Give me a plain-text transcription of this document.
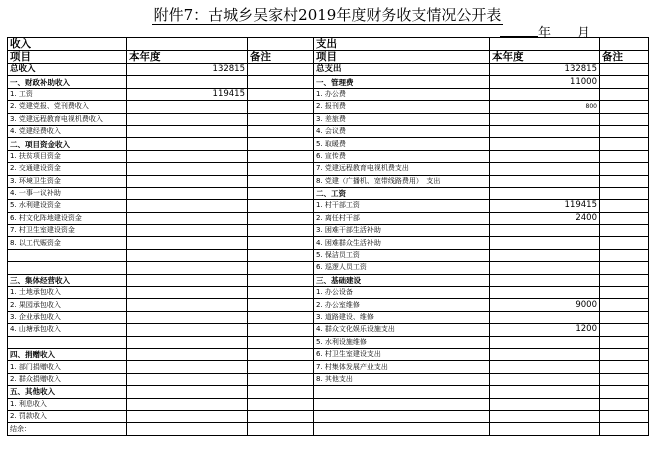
附件7：古城乡吴家村2019年度财务收支情况公开表
年 月
收入			支出		
项目	本年度	备注	项目	本年度	备注
总收入	132815		总支出	132815	
一、财政补助收入			一、管理费	11000	
1. 工资	119415		1. 办公费		
2. 党建党报、党刊费收入			2. 报刊费	800	
3. 党建远程教育电视机费收入			3. 差旅费		
4. 党建经费收入			4. 会议费		
二、项目资金收入			5. 取暖费		
1. 扶贫项目资金			6. 宣传费		
2. 交通建设资金			7. 党建远程教育电视机费支出		
3. 环境卫生资金			8. 党建（广播机、宽带线路费用）　支出		
4. 一事一议补助			二、工资		
5. 水利建设资金			1. 村干部工资	119415	
6. 村文化阵地建设资金			2. 离任村干部	2400	
7. 村卫生室建设资金			3. 困难干部生活补助		
8. 以工代赈资金			4. 困难群众生活补助		
			5. 保洁员工资		
			6. 巡逻人员工资		
三、集体经营收入			三、基础建设		
1. 土地承包收入			1. 办公设备		
2. 果园承包收入			2. 办公室维修	9000	
3. 企业承包收入			3. 道路建设、维修		
4. 山塘承包收入			4. 群众文化娱乐设施支出	1200	
			5. 水利设施维修		
四、捐赠收入			6. 村卫生室建设支出		
1. 部门捐赠收入			7. 村集体发展产业支出		
2. 群众捐赠收入			8. 其他支出		
五、其他收入					
1. 利息收入					
2. 罚款收入					
结余：					
